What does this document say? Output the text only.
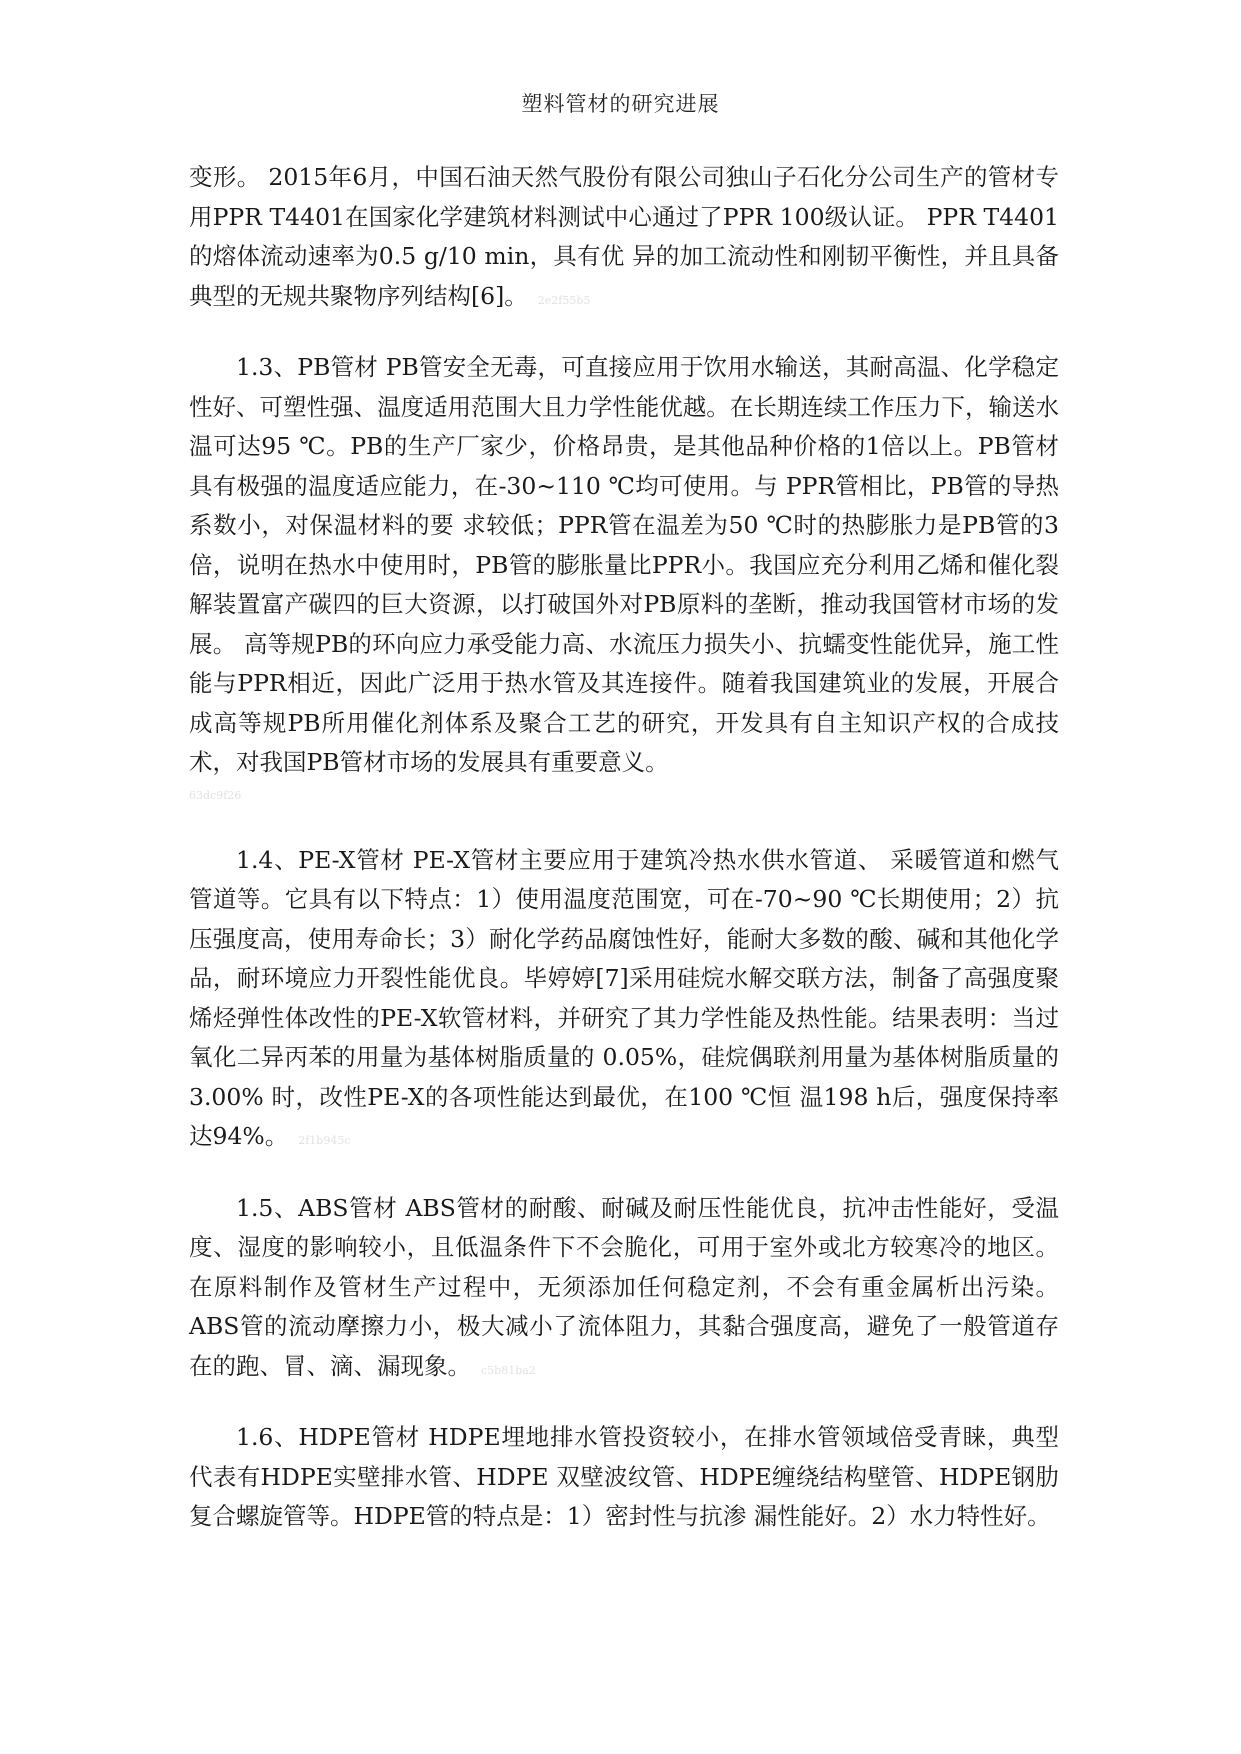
塑料管材的研究进展

变形。 2015年6月，中国石油天然气股份有限公司独山子石化分公司生产的管材专用PPR T4401在国家化学建筑材料测试中心通过了PPR 100级认证。 PPR T4401的熔体流动速率为0.5 g/10 min，具有优 异的加工流动性和刚韧平衡性，并且具备典型的无规共聚物序列结构[6]。 2e2f55b5

1.3、PB管材 PB管安全无毒，可直接应用于饮用水输送，其耐高温、化学稳定性好、可塑性强、温度适用范围大且力学性能优越。在长期连续工作压力下，输送水温可达95 ℃。PB的生产厂家少，价格昂贵，是其他品种价格的1倍以上。PB管材具有极强的温度适应能力，在-30~110 ℃均可使用。与 PPR管相比，PB管的导热系数小，对保温材料的要 求较低；PPR管在温差为50 ℃时的热膨胀力是PB管的3倍，说明在热水中使用时，PB管的膨胀量比PPR小。我国应充分利用乙烯和催化裂解装置富产碳四的巨大资源，以打破国外对PB原料的垄断，推动我国管材市场的发展。 高等规PB的环向应力承受能力高、水流压力损失小、抗蠕变性能优异，施工性能与PPR相近，因此广泛用于热水管及其连接件。随着我国建筑业的发展，开展合成高等规PB所用催化剂体系及聚合工艺的研究，开发具有自主知识产权的合成技 术，对我国PB管材市场的发展具有重要意义。
63dc9f26

1.4、PE-X管材 PE-X管材主要应用于建筑冷热水供水管道、 采暖管道和燃气管道等。它具有以下特点：1）使用温度范围宽，可在-70~90 ℃长期使用；2）抗 压强度高，使用寿命长；3）耐化学药品腐蚀性好，能耐大多数的酸、碱和其他化学品，耐环境应力开裂性能优良。毕婷婷[7]采用硅烷水解交联方法，制备了高强度聚烯烃弹性体改性的PE-X软管材料，并研究了其力学性能及热性能。结果表明：当过氧化二异丙苯的用量为基体树脂质量的 0.05%，硅烷偶联剂用量为基体树脂质量的3.00% 时，改性PE-X的各项性能达到最优，在100 ℃恒 温198 h后，强度保持率达94%。 2f1b945c

1.5、ABS管材 ABS管材的耐酸、耐碱及耐压性能优良，抗冲击性能好，受温度、湿度的影响较小，且低温条件下不会脆化，可用于室外或北方较寒冷的地区。 在原料制作及管材生产过程中，无须添加任何稳定剂，不会有重金属析出污染。ABS管的流动摩擦力小，极大减小了流体阻力，其黏合强度高，避免了一般管道存在的跑、冒、滴、漏现象。 c5b81ba2

1.6、HDPE管材 HDPE埋地排水管投资较小，在排水管领域倍受青睐，典型代表有HDPE实壁排水管、HDPE 双壁波纹管、HDPE缠绕结构壁管、HDPE钢肋复合螺旋管等。HDPE管的特点是：1）密封性与抗渗 漏性能好。2）水力特性好。
